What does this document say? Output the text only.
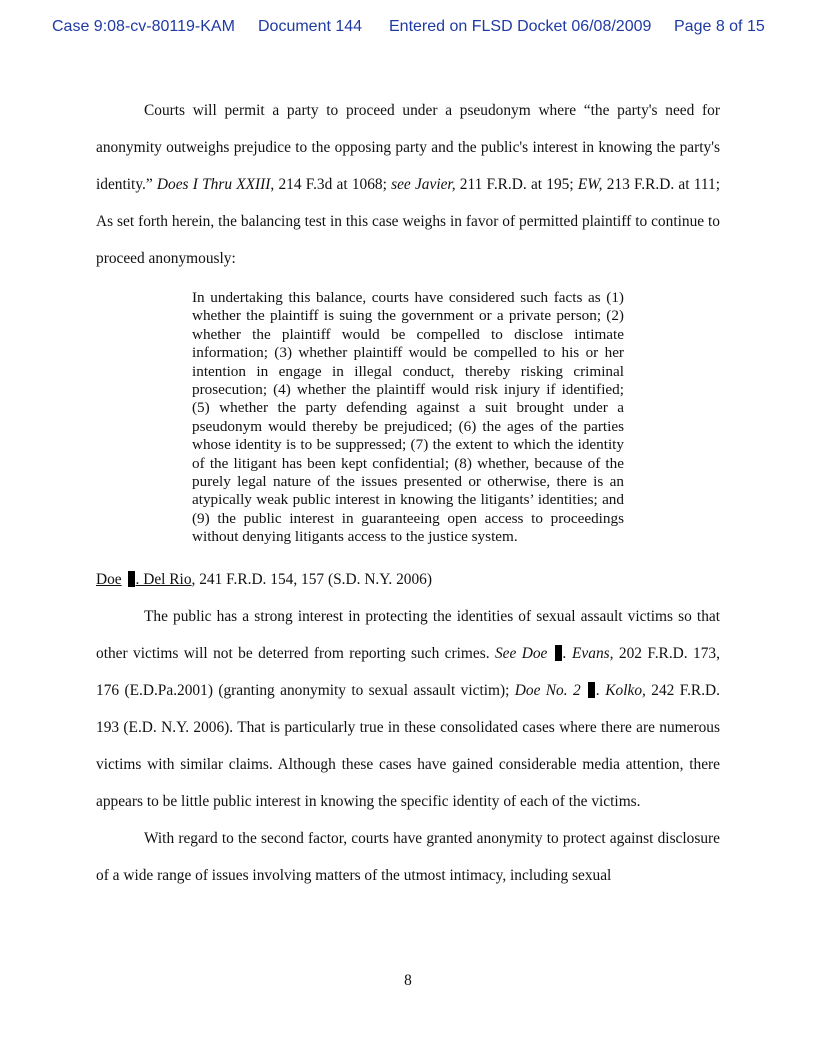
Case 9:08-cv-80119-KAM Document 144 Entered on FLSD Docket 06/08/2009 Page 8 of 15

Courts will permit a party to proceed under a pseudonym where “the party's need for anonymity outweighs prejudice to the opposing party and the public's interest in knowing the party's identity.” Does I Thru XXIII, 214 F.3d at 1068; see Javier, 211 F.R.D. at 195; EW, 213 F.R.D. at 111; As set forth herein, the balancing test in this case weighs in favor of permitted plaintiff to continue to proceed anonymously:

In undertaking this balance, courts have considered such facts as (1) whether the plaintiff is suing the government or a private person; (2) whether the plaintiff would be compelled to disclose intimate information; (3) whether plaintiff would be compelled to his or her intention in engage in illegal conduct, thereby risking criminal prosecution; (4) whether the plaintiff would risk injury if identified; (5) whether the party defending against a suit brought under a pseudonym would thereby be prejudiced; (6) the ages of the parties whose identity is to be suppressed; (7) the extent to which the identity of the litigant has been kept confidential; (8) whether, because of the purely legal nature of the issues presented or otherwise, there is an atypically weak public interest in knowing the litigants’ identities; and (9) the public interest in guaranteeing open access to proceedings without denying litigants access to the justice system.

Doe . Del Rio, 241 F.R.D. 154, 157 (S.D. N.Y. 2006)

The public has a strong interest in protecting the identities of sexual assault victims so that other victims will not be deterred from reporting such crimes. See Doe . Evans, 202 F.R.D. 173, 176 (E.D.Pa.2001) (granting anonymity to sexual assault victim); Doe No. 2 . Kolko, 242 F.R.D. 193 (E.D. N.Y. 2006). That is particularly true in these consolidated cases where there are numerous victims with similar claims. Although these cases have gained considerable media attention, there appears to be little public interest in knowing the specific identity of each of the victims.

With regard to the second factor, courts have granted anonymity to protect against disclosure of a wide range of issues involving matters of the utmost intimacy, including sexual

8
